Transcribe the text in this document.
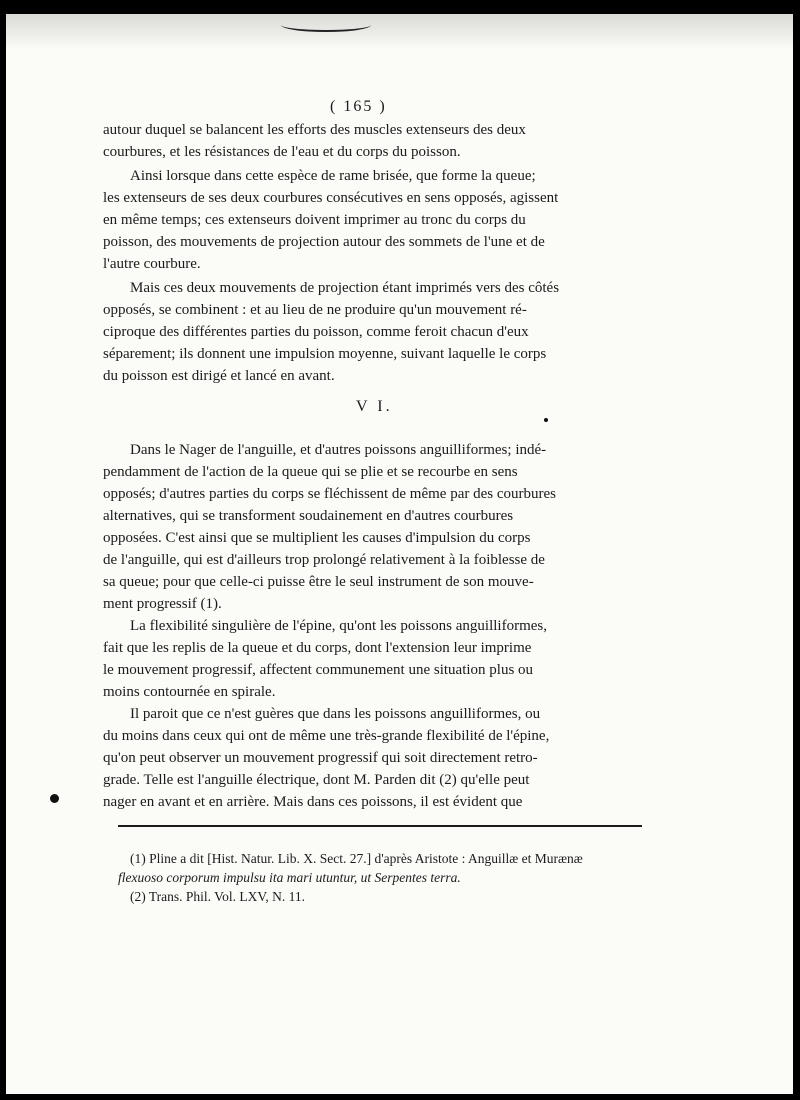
( 165 )
autour duquel se balancent les efforts des muscles extenseurs des deux
courbures, et les résistances de l'eau et du corps du poisson.
Ainsi lorsque dans cette espèce de rame brisée, que forme la queue;
les extenseurs de ses deux courbures consécutives en sens opposés, agissent
en même temps; ces extenseurs doivent imprimer au tronc du corps du
poisson, des mouvements de projection autour des sommets de l'une et de
l'autre courbure.
Mais ces deux mouvements de projection étant imprimés vers des côtés
opposés, se combinent : et au lieu de ne produire qu'un mouvement ré-
ciproque des différentes parties du poisson, comme feroit chacun d'eux
séparement; ils donnent une impulsion moyenne, suivant laquelle le corps
du poisson est dirigé et lancé en avant.
V I.
Dans le Nager de l'anguille, et d'autres poissons anguilliformes; indé-
pendamment de l'action de la queue qui se plie et se recourbe en sens
opposés; d'autres parties du corps se fléchissent de même par des courbures
alternatives, qui se transforment soudainement en d'autres courbures
opposées. C'est ainsi que se multiplient les causes d'impulsion du corps
de l'anguille, qui est d'ailleurs trop prolongé relativement à la foiblesse de
sa queue; pour que celle-ci puisse être le seul instrument de son mouve-
ment progressif (1).
La flexibilité singulière de l'épine, qu'ont les poissons anguilliformes,
fait que les replis de la queue et du corps, dont l'extension leur imprime
le mouvement progressif, affectent communement une situation plus ou
moins contournée en spirale.
Il paroit que ce n'est guères que dans les poissons anguilliformes, ou
du moins dans ceux qui ont de même une très-grande flexibilité de l'épine,
qu'on peut observer un mouvement progressif qui soit directement retro-
grade. Telle est l'anguille électrique, dont M. Parden dit (2) qu'elle peut
nager en avant et en arrière. Mais dans ces poissons, il est évident que
(1) Pline a dit [Hist. Natur. Lib. X. Sect. 27.] d'après Aristote : Anguillæ et Murænæ
flexuoso corporum impulsu ita mari utuntur, ut Serpentes terra.
(2) Trans. Phil. Vol. LXV, N. 11.
